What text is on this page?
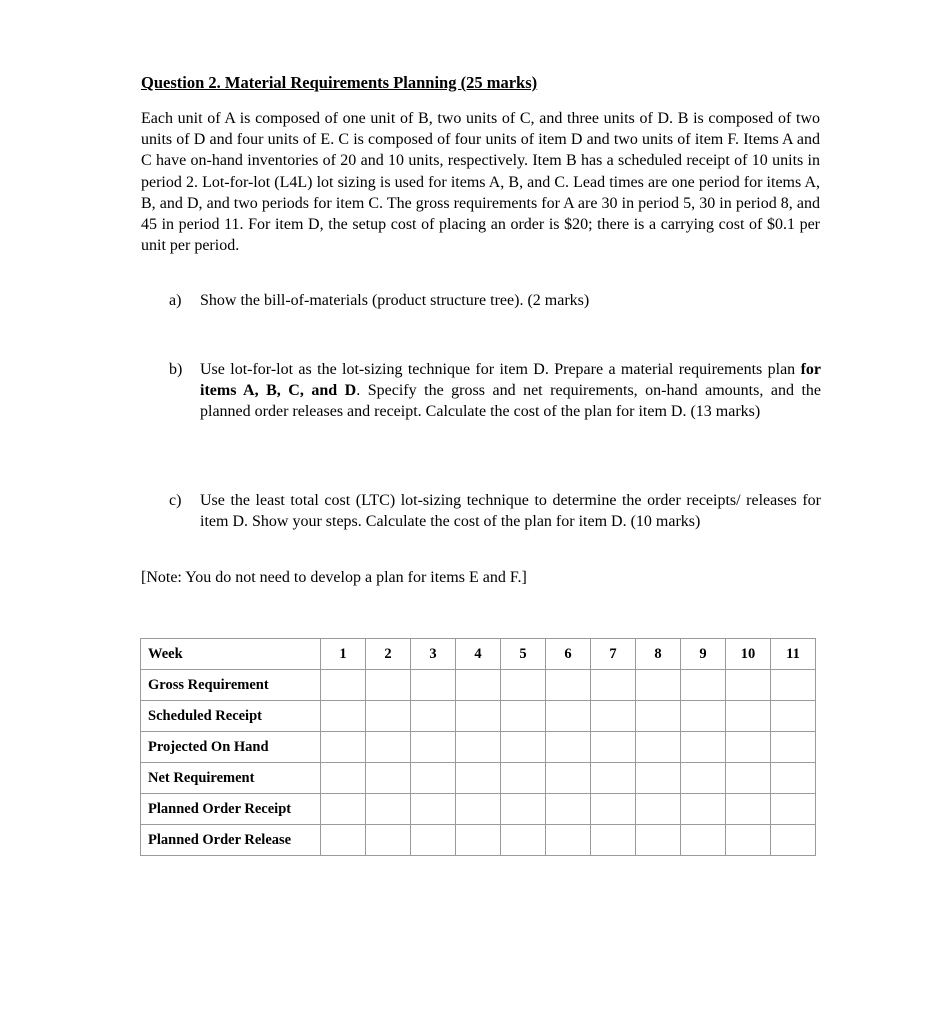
Question 2. Material Requirements Planning (25 marks)
Each unit of A is composed of one unit of B, two units of C, and three units of D. B is composed of two units of D and four units of E. C is composed of four units of item D and two units of item F. Items A and C have on-hand inventories of 20 and 10 units, respectively. Item B has a scheduled receipt of 10 units in period 2. Lot-for-lot (L4L) lot sizing is used for items A, B, and C. Lead times are one period for items A, B, and D, and two periods for item C. The gross requirements for A are 30 in period 5, 30 in period 8, and 45 in period 11. For item D, the setup cost of placing an order is $20; there is a carrying cost of $0.1 per unit per period.
a) Show the bill-of-materials (product structure tree). (2 marks)
b) Use lot-for-lot as the lot-sizing technique for item D. Prepare a material requirements plan for items A, B, C, and D. Specify the gross and net requirements, on-hand amounts, and the planned order releases and receipt. Calculate the cost of the plan for item D. (13 marks)
c) Use the least total cost (LTC) lot-sizing technique to determine the order receipts/ releases for item D. Show your steps. Calculate the cost of the plan for item D. (10 marks)
[Note: You do not need to develop a plan for items E and F.]
Week	1	2	3	4	5	6	7	8	9	10	11
Gross Requirement											
Scheduled Receipt											
Projected On Hand											
Net Requirement											
Planned Order Receipt											
Planned Order Release											
